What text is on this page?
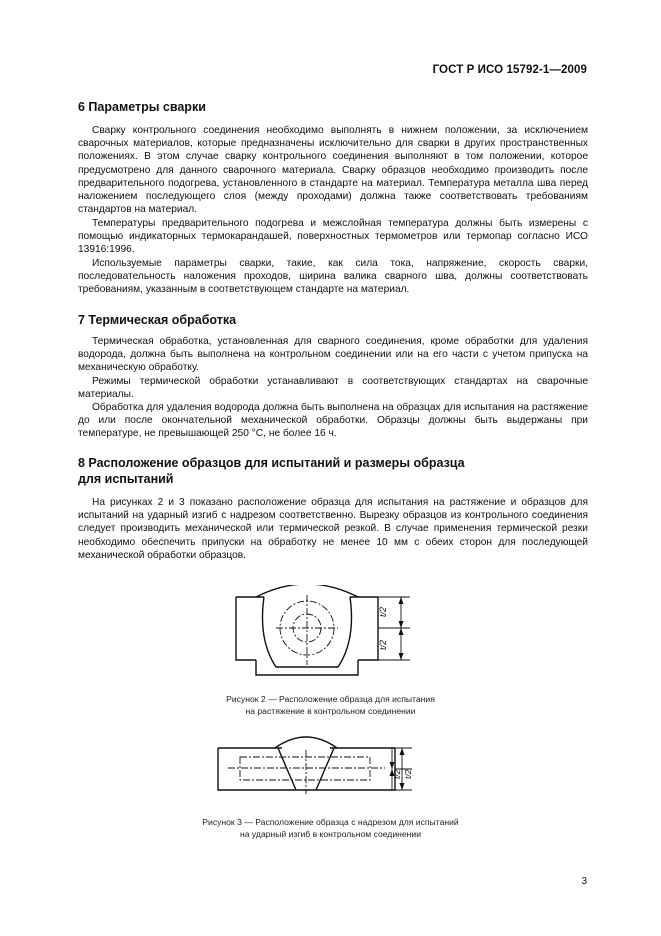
ГОСТ Р ИСО 15792-1—2009
6 Параметры сварки

Сварку контрольного соединения необходимо выполнять в нижнем положении, за исключением сварочных материалов, которые предназначены исключительно для сварки в других пространственных положениях. В этом случае сварку контрольного соединения выполняют в том положении, которое предусмотрено для данного сварочного материала. Сварку образцов необходимо производить после предварительного подогрева, установленного в стандарте на материал. Температура металла шва перед наложением последующего слоя (между проходами) должна также соответствовать требованиям стандартов на материал.

Температуры предварительного подогрева и межслойная температура должны быть измерены с помощью индикаторных термокарандашей, поверхностных термометров или термопар согласно ИСО 13916:1996.

Используемые параметры сварки, такие, как сила тока, напряжение, скорость сварки, последовательность наложения проходов, ширина валика сварного шва, должны соответствовать требованиям, указанным в соответствующем стандарте на материал.

7 Термическая обработка

Термическая обработка, установленная для сварного соединения, кроме обработки для удаления водорода, должна быть выполнена на контрольном соединении или на его части с учетом припуска на механическую обработку.

Режимы термической обработки устанавливают в соответствующих стандартах на сварочные материалы.

Обработка для удаления водорода должна быть выполнена на образцах для испытания на растяжение до или после окончательной механической обработки. Образцы должны быть выдержаны при температуре, не превышающей 250 °С, не более 16 ч.

8 Расположение образцов для испытаний и размеры образца
для испытаний

На рисунках 2 и 3 показано расположение образца для испытания на растяжение и образцов для испытаний на ударный изгиб с надрезом соответственно. Вырезку образцов из контрольного соединения следует производить механической или термической резкой. В случае применения термической резки необходимо обеспечить припуски на обработку не менее 10 мм с обеих сторон для последующей механической обработки образцов.

t/2
t/2
Рисунок 2 — Расположение образца для испытания
на растяжение в контрольном соединении
t/2 t/2
Рисунок 3 — Расположение образца с надрезом для испытаний
на ударный изгиб в контрольном соединении
3
